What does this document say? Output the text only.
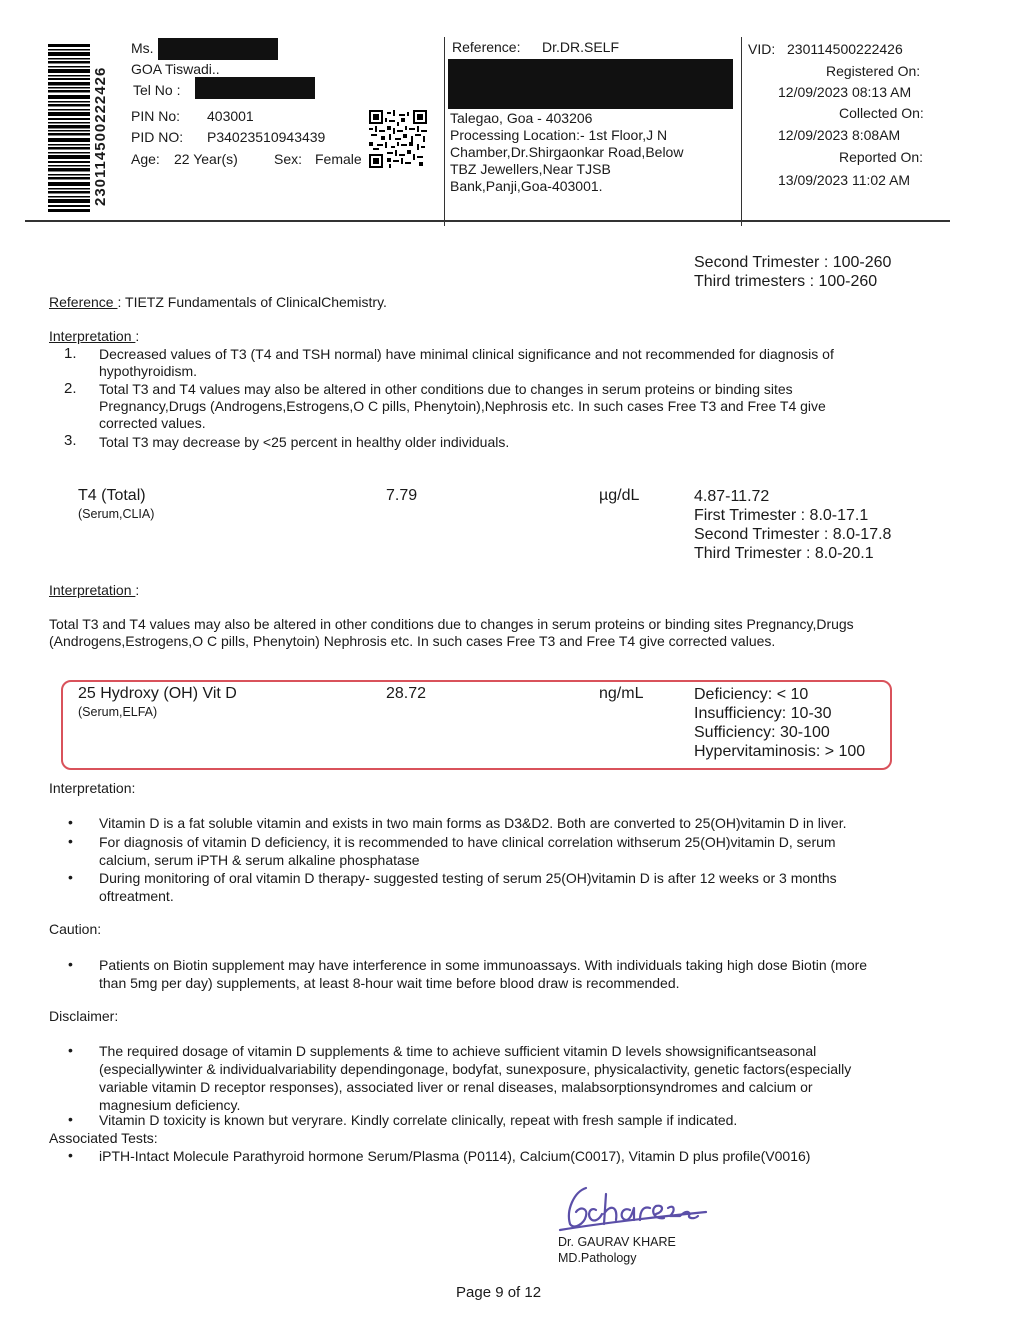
230114500222426
Ms.
GOA Tiswadi..
Tel No :
PIN No: 403001
PID NO: P34023510943439
Age: 22 Year(s)	Sex: Female
Reference: Dr.DR.SELF
Talegao, Goa - 403206
Processing Location:- 1st Floor,J N
Chamber,Dr.Shirgaonkar Road,Below
TBZ Jewellers,Near TJSB
Bank,Panji,Goa-403001.
VID: 230114500222426
Registered On:
12/09/2023 08:13 AM
Collected On:
12/09/2023 8:08AM
Reported On:
13/09/2023 11:02 AM
Second Trimester : 100-260
Third trimesters : 100-260
Reference : TIETZ Fundamentals of ClinicalChemistry.
Interpretation :
1. Decreased values of T3 (T4 and TSH normal) have minimal clinical significance and not recommended for diagnosis of
hypothyroidism.
2. Total T3 and T4 values may also be altered in other conditions due to changes in serum proteins or binding sites
Pregnancy,Drugs (Androgens,Estrogens,O C pills, Phenytoin),Nephrosis etc. In such cases Free T3 and Free T4 give
corrected values.
3. Total T3 may decrease by <25 percent in healthy older individuals.
T4 (Total)
(Serum,CLIA)
7.79	µg/dL	4.87-11.72
First Trimester : 8.0-17.1
Second Trimester : 8.0-17.8
Third Trimester : 8.0-20.1
Interpretation :
Total T3 and T4 values may also be altered in other conditions due to changes in serum proteins or binding sites Pregnancy,Drugs
(Androgens,Estrogens,O C pills, Phenytoin) Nephrosis etc. In such cases Free T3 and Free T4 give corrected values.
25 Hydroxy (OH) Vit D
(Serum,ELFA)
28.72	ng/mL	Deficiency: < 10
Insufficiency: 10-30
Sufficiency: 30-100
Hypervitaminosis: > 100
Interpretation:
• Vitamin D is a fat soluble vitamin and exists in two main forms as D3&D2. Both are converted to 25(OH)vitamin D in liver.
• For diagnosis of vitamin D deficiency, it is recommended to have clinical correlation withserum 25(OH)vitamin D, serum
calcium, serum iPTH & serum alkaline phosphatase
• During monitoring of oral vitamin D therapy- suggested testing of serum 25(OH)vitamin D is after 12 weeks or 3 months
oftreatment.
Caution:
• Patients on Biotin supplement may have interference in some immunoassays. With individuals taking high dose Biotin (more
than 5mg per day) supplements, at least 8-hour wait time before blood draw is recommended.
Disclaimer:
• The required dosage of vitamin D supplements & time to achieve sufficient vitamin D levels showsignificantseasonal
(especiallywinter & individualvariability dependingonage, bodyfat, sunexposure, physicalactivity, genetic factors(especially
variable vitamin D receptor responses), associated liver or renal diseases, malabsorptionsyndromes and calcium or
magnesium deficiency.
• Vitamin D toxicity is known but veryrare. Kindly correlate clinically, repeat with fresh sample if indicated.
Associated Tests:
• iPTH-Intact Molecule Parathyroid hormone Serum/Plasma (P0114), Calcium(C0017), Vitamin D plus profile(V0016)
Dr. GAURAV KHARE
MD.Pathology
Page 9 of 12
